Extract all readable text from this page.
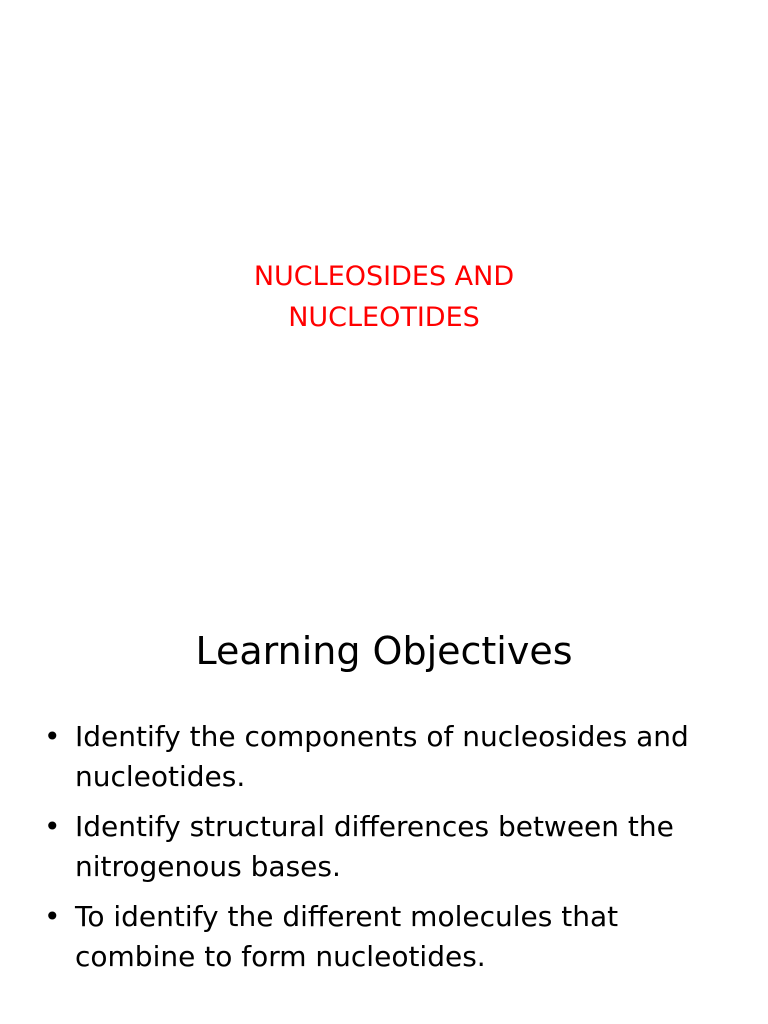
NUCLEOSIDES AND
NUCLEOTIDES
Learning Objectives
• Identify the components of nucleosides and nucleotides.
• Identify structural differences between the nitrogenous bases.
• To identify the different molecules that combine to form nucleotides.
